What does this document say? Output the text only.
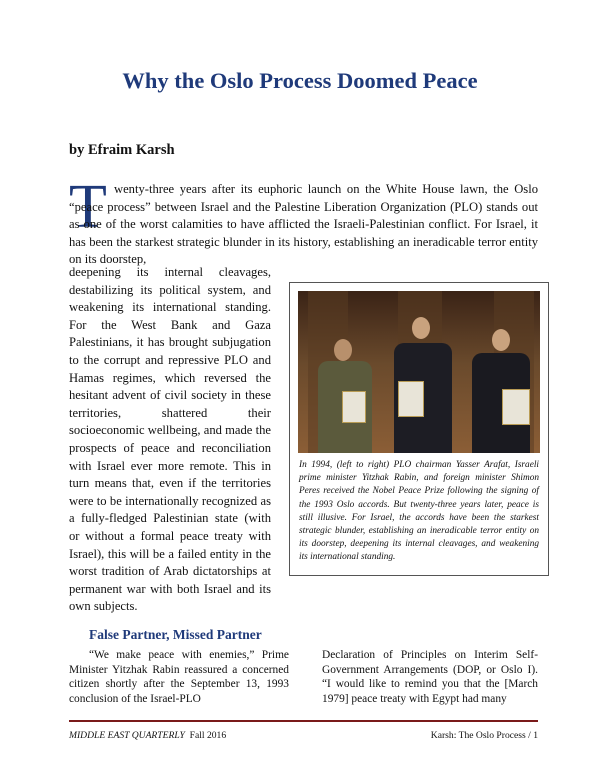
Why the Oslo Process Doomed Peace

by Efraim Karsh

T wenty-three years after its euphoric launch on the White House lawn, the Oslo “peace process” between Israel and the Palestine Liberation Organization (PLO) stands out as one of the worst calamities to have afflicted the Israeli-Palestinian conflict. For Israel, it has been the starkest strategic blunder in its history, establishing an ineradicable terror entity on its doorstep,

deepening its internal cleavages, destabilizing its political system, and weakening its international standing. For the West Bank and Gaza Palestinians, it has brought subjugation to the corrupt and repressive PLO and Hamas regimes, which reversed the hesitant advent of civil society in these territories, shattered their socioeconomic wellbeing, and made the prospects of peace and reconciliation with Israel ever more remote. This in turn means that, even if the territories were to be internationally recognized as a fully-fledged Palestinian state (with or without a formal peace treaty with Israel), this will be a failed entity in the worst tradition of Arab dictatorships at permanent war with both Israel and its own subjects.

In 1994, (left to right) PLO chairman Yasser Arafat, Israeli prime minister Yitzhak Rabin, and foreign minister Shimon Peres received the Nobel Peace Prize following the signing of the 1993 Oslo accords. But twenty-three years later, peace is still illusive. For Israel, the accords have been the starkest strategic blunder, establishing an ineradicable terror entity on its doorstep, deepening its internal cleavages, and weakening its international standing.

False Partner, Missed Partner

“We make peace with enemies,” Prime Minister Yitzhak Rabin reassured a concerned citizen shortly after the September 13, 1993 conclusion of the Israel-PLO

Declaration of Principles on Interim Self-Government Arrangements (DOP, or Oslo I). “I would like to remind you that the [March 1979] peace treaty with Egypt had many

MIDDLE EAST QUARTERLY Fall 2016	Karsh: The Oslo Process / 1
